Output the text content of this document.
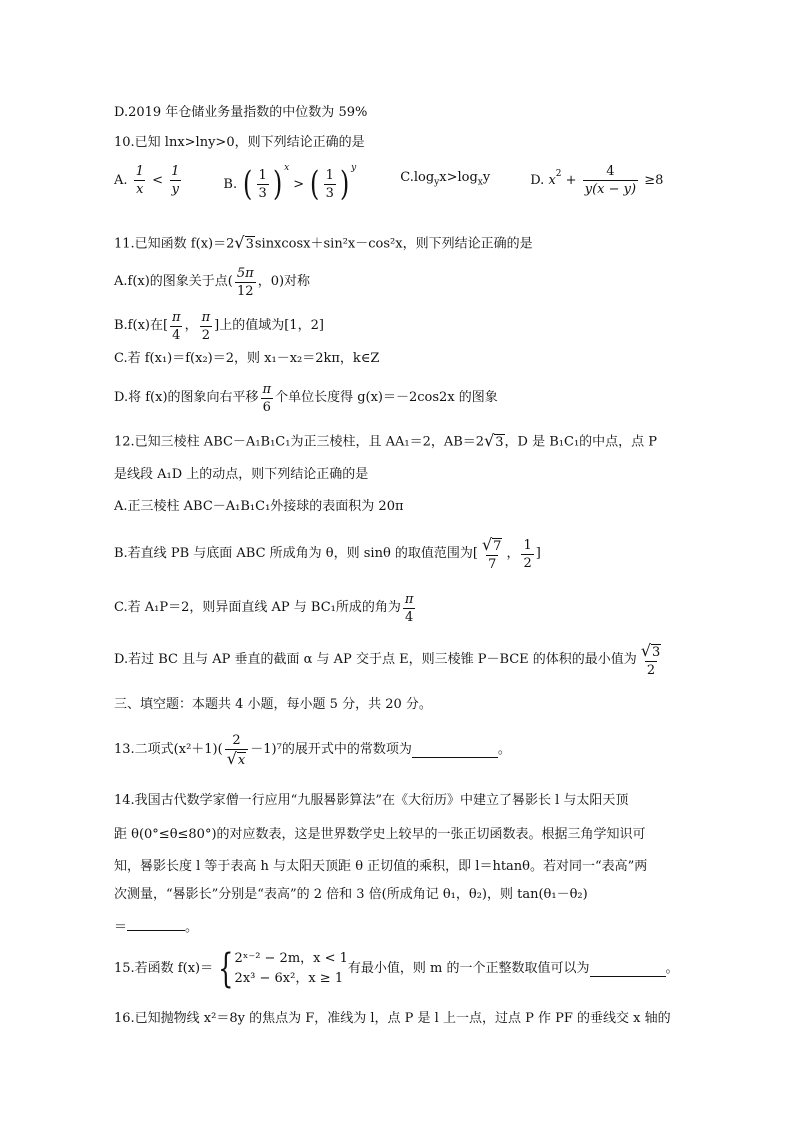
D.2019 年仓储业务量指数的中位数为 59%
10.已知 lnx>lny>0，则下列结论正确的是
A. $\frac{1}{x} < \frac{1}{y}$	B. ( $\frac{1}{3}$ ) $^x$ > ( $\frac{1}{3}$ ) $^y$
$C.\log_yx>\log_xy$	D. $x^2 + \frac{4}{y(x - y)} \ge 8$
11.已知函数 f(x)＝2√3sinxcosx＋sin²x－cos²x，则下列结论正确的是
A.f(x)的图象关于点( $\frac{5\pi}{12}$ ，0)对称
B.f(x)在[ $\frac{\pi}{4}$ ， $\frac{\pi}{2}$ ]上的值域为[1，2]
C.若 f(x₁)＝f(x₂)＝2，则 x₁－x₂＝2kπ，k∈Z
D.将 f(x)的图象向右平移 $\frac{\pi}{6}$ 个单位长度得 g(x)＝－2cos2x 的图象
12.已知三棱柱 ABC－A₁B₁C₁为正三棱柱，且 AA₁＝2，AB＝2√3，D 是 B₁C₁的中点，点 P
是线段 A₁D 上的动点，则下列结论正确的是
A.正三棱柱 ABC－A₁B₁C₁外接球的表面积为 20π
B.若直线 PB 与底面 ABC 所成角为 θ，则 sinθ 的取值范围为[ $\frac{√7}{7}$ ， $\frac{1}{2}$ ]
C.若 A₁P＝2，则异面直线 AP 与 BC₁所成的角为 $\frac{\pi}{4}$
D.若过 BC 且与 AP 垂直的截面 α 与 AP 交于点 E，则三棱锥 P－BCE 的体积的最小值为 $\frac{√3}{2}$
三、填空题：本题共 4 小题，每小题 5 分，共 20 分。
13.二项式$(x^2+1)( \frac{2}{√x} -1)^7$的展开式中的常数项为	。
14.我国古代数学家僧一行应用“九服晷影算法”在《大衍历》中建立了晷影长 l 与太阳天顶
距 θ(0°≤θ≤80°)的对应数表，这是世界数学史上较早的一张正切函数表。根据三角学知识可
知，晷影长度 l 等于表高 h 与太阳天顶距 θ 正切值的乘积，即 l＝htanθ。若对同一“表高”两
次测量，“晷影长”分别是“表高”的 2 倍和 3 倍(所成角记 θ₁，θ₂)，则 tan(θ₁－θ₂)
＝	。
15.若函数 f(x)＝ { 2ˣ⁻² − 2m，x < 1
2x³ − 6x²，x ≥ 1
有最小值，则 m 的一个正整数取值可以为	。
16.已知抛物线 x²＝8y 的焦点为 F，准线为 l，点 P 是 l 上一点，过点 P 作 PF 的垂线交 x 轴的
